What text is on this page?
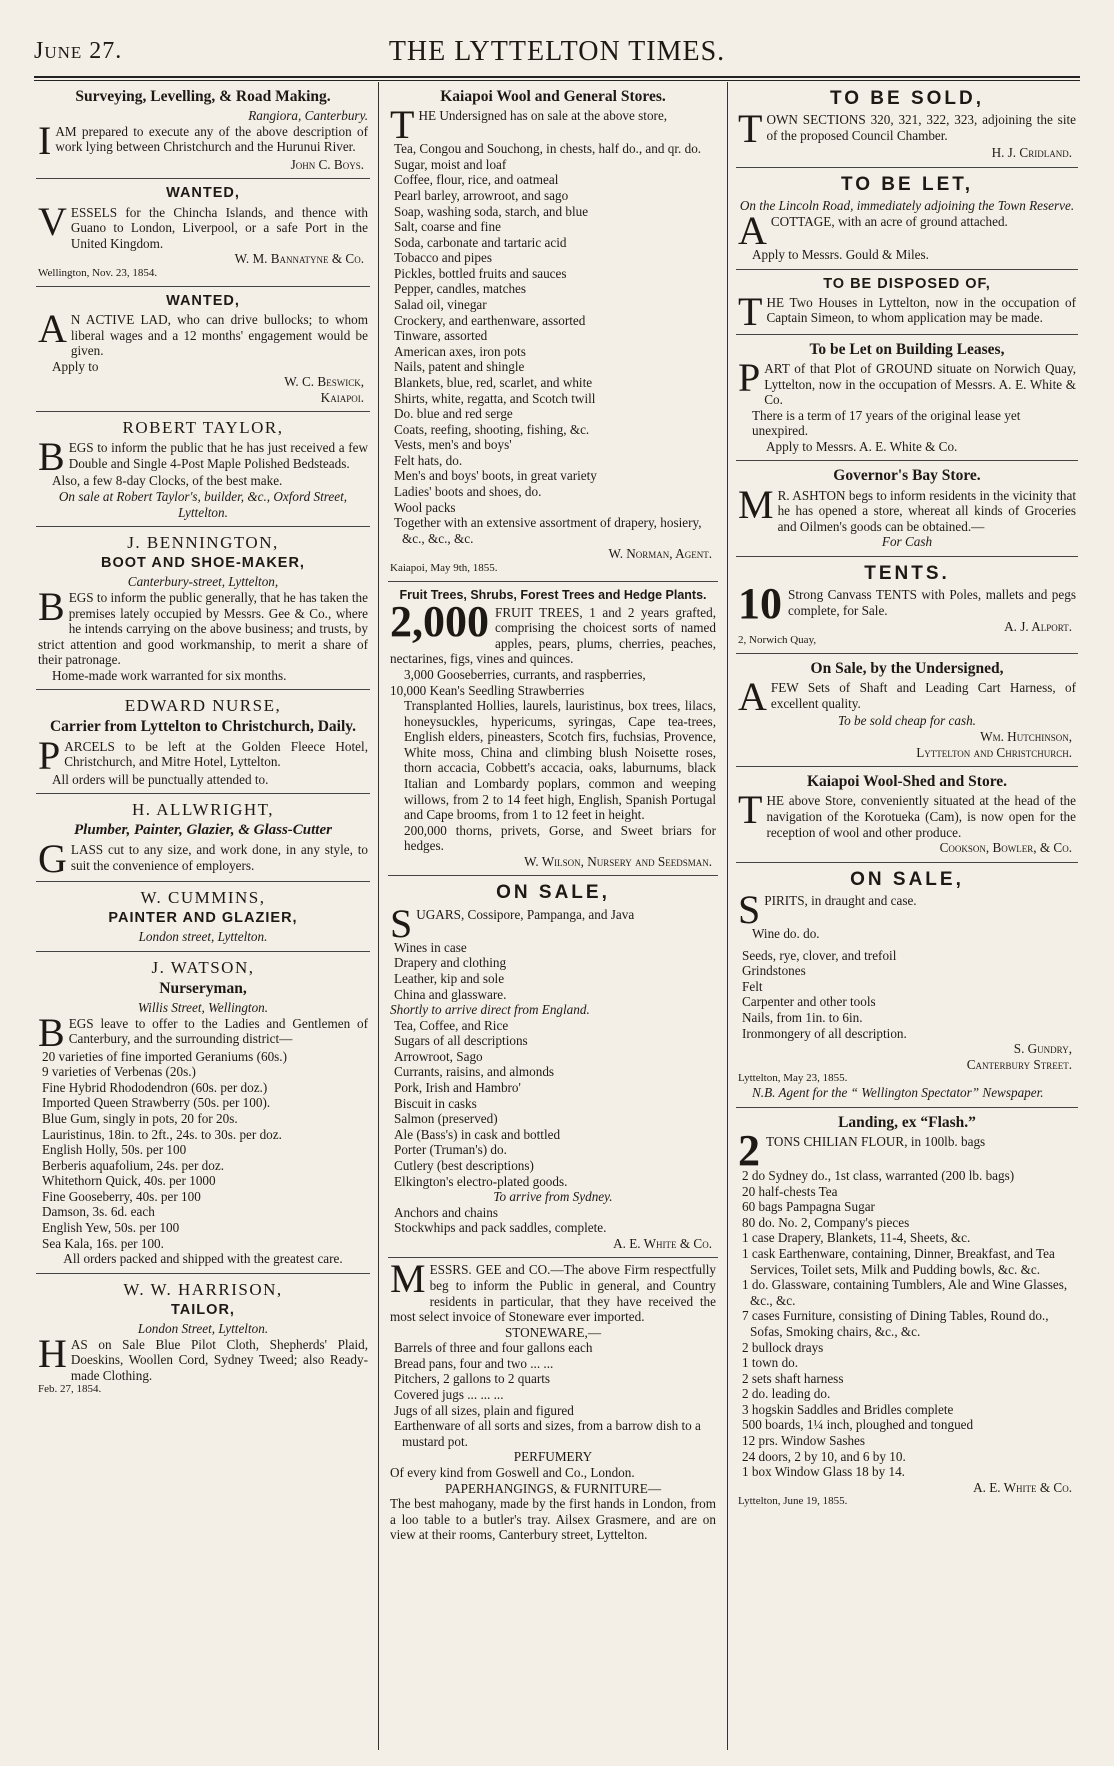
June 27.	THE LYTTELTON TIMES.
Surveying, Levelling, & Road Making.
Rangiora, Canterbury.
I AM prepared to execute any of the above description of work lying between Christchurch and the Hurunui River.
John C. Boys.
WANTED,
VESSELS for the Chincha Islands, and thence with Guano to London, Liverpool, or a safe Port in the United Kingdom.
W. M. Bannatyne & Co.
Wellington, Nov. 23, 1854.
WANTED,
A N ACTIVE LAD, who can drive bullocks; to whom liberal wages and a 12 months' engagement would be given.
Apply to
W. C. Beswick,
Kaiapoi.
ROBERT TAYLOR,
BEGS to inform the public that he has just received a few Double and Single 4-Post Maple Polished Bedsteads.
Also, a few 8-day Clocks, of the best make.
On sale at Robert Taylor's, builder, &c., Oxford Street, Lyttelton.
J. BENNINGTON,
BOOT AND SHOE-MAKER,
Canterbury-street, Lyttelton,
BEGS to inform the public generally, that he has taken the premises lately occupied by Messrs. Gee & Co., where he intends carrying on the above business; and trusts, by strict attention and good workmanship, to merit a share of their patronage.
Home-made work warranted for six months.
EDWARD NURSE,
Carrier from Lyttelton to Christchurch, Daily.
PARCELS to be left at the Golden Fleece Hotel, Christchurch, and Mitre Hotel, Lyttelton.
All orders will be punctually attended to.
H. ALLWRIGHT,
Plumber, Painter, Glazier, & Glass-Cutter
GLASS cut to any size, and work done, in any style, to suit the convenience of employers.
W. CUMMINS,
PAINTER AND GLAZIER,
London street, Lyttelton.
J. WATSON,
Nurseryman,
Willis Street, Wellington.
BEGS leave to offer to the Ladies and Gentlemen of Canterbury, and the surrounding district—
20 varieties of fine imported Geraniums (60s.)
9 varieties of Verbenas (20s.)
Fine Hybrid Rhododendron (60s. per doz.)
Imported Queen Strawberry (50s. per 100).
Blue Gum, singly in pots, 20 for 20s.
Lauristinus, 18in. to 2ft., 24s. to 30s. per doz.
English Holly, 50s. per 100
Berberis aquafolium, 24s. per doz.
Whitethorn Quick, 40s. per 1000
Fine Gooseberry, 40s. per 100
Damson, 3s. 6d. each
English Yew, 50s. per 100
Sea Kala, 16s. per 100.
All orders packed and shipped with the greatest care.
W. W. HARRISON,
TAILOR,
London Street, Lyttelton.
HAS on Sale Blue Pilot Cloth, Shepherds' Plaid, Doeskins, Woollen Cord, Sydney Tweed; also Ready-made Clothing.
Feb. 27, 1854.
Kaiapoi Wool and General Stores.
THE Undersigned has on sale at the above store,
Tea, Congou and Souchong, in chests, half do., and qr. do.
Sugar, moist and loaf
Coffee, flour, rice, and oatmeal
Pearl barley, arrowroot, and sago
Soap, washing soda, starch, and blue
Salt, coarse and fine
Soda, carbonate and tartaric acid
Tobacco and pipes
Pickles, bottled fruits and sauces
Pepper, candles, matches
Salad oil, vinegar
Crockery, and earthenware, assorted
Tinware, assorted
American axes, iron pots
Nails, patent and shingle
Blankets, blue, red, scarlet, and white
Shirts, white, regatta, and Scotch twill
Do. blue and red serge
Coats, reefing, shooting, fishing, &c.
Vests, men's and boys'
Felt hats, do.
Men's and boys' boots, in great variety
Ladies' boots and shoes, do.
Wool packs
Together with an extensive assortment of drapery, hosiery, &c., &c., &c.
W. Norman, Agent.
Kaiapoi, May 9th, 1855.
Fruit Trees, Shrubs, Forest Trees and Hedge Plants.
2,000 FRUIT TREES, 1 and 2 years grafted, comprising the choicest sorts of named apples, pears, plums, cherries, peaches, nectarines, figs, vines and quinces.
3,000 Gooseberries, currants, and raspberries,
10,000 Kean's Seedling Strawberries
Transplanted Hollies, laurels, lauristinus, box trees, lilacs, honeysuckles, hypericums, syringas, Cape tea-trees, English elders, pineasters, Scotch firs, fuchsias, Provence, White moss, China and climbing blush Noisette roses, thorn accacia, Cobbett's accacia, oaks, laburnums, black Italian and Lombardy poplars, common and weeping willows, from 2 to 14 feet high, English, Spanish Portugal and Cape brooms, from 1 to 12 feet in height.
200,000 thorns, privets, Gorse, and Sweet briars for hedges.
W. Wilson, Nursery and Seedsman.
ON SALE,
SUGARS, Cossipore, Pampanga, and Java
Wines in case
Drapery and clothing
Leather, kip and sole
China and glassware.
Shortly to arrive direct from England.
Tea, Coffee, and Rice
Sugars of all descriptions
Arrowroot, Sago
Currants, raisins, and almonds
Pork, Irish and Hambro'
Biscuit in casks
Salmon (preserved)
Ale (Bass's) in cask and bottled
Porter (Truman's) do.
Cutlery (best descriptions)
Elkington's electro-plated goods.
To arrive from Sydney.
Anchors and chains
Stockwhips and pack saddles, complete.
A. E. White & Co.
MESSRS. GEE and CO.—The above Firm respectfully beg to inform the Public in general, and Country residents in particular, that they have received the most select invoice of Stoneware ever imported.
STONEWARE,—
Barrels of three and four gallons each
Bread pans, four and two ... ...
Pitchers, 2 gallons to 2 quarts
Covered jugs ... ... ...
Jugs of all sizes, plain and figured
Earthenware of all sorts and sizes, from a barrow dish to a mustard pot.
PERFUMERY
Of every kind from Goswell and Co., London.
PAPERHANGINGS, & FURNITURE—
The best mahogany, made by the first hands in London, from a loo table to a butler's tray. Ailsex Grasmere, and are on view at their rooms, Canterbury street, Lyttelton.
TO BE SOLD,
TOWN SECTIONS 320, 321, 322, 323, adjoining the site of the proposed Council Chamber.
H. J. Cridland.
TO BE LET,
On the Lincoln Road, immediately adjoining the Town Reserve.
A COTTAGE, with an acre of ground attached.
Apply to Messrs. Gould & Miles.
TO BE DISPOSED OF,
THE Two Houses in Lyttelton, now in the occupation of Captain Simeon, to whom application may be made.
To be Let on Building Leases,
PART of that Plot of GROUND situate on Norwich Quay, Lyttelton, now in the occupation of Messrs. A. E. White & Co.
There is a term of 17 years of the original lease yet unexpired.
Apply to Messrs. A. E. White & Co.
Governor's Bay Store.
M R. ASHTON begs to inform residents in the vicinity that he has opened a store, whereat all kinds of Groceries and Oilmen's goods can be obtained.—
For Cash
TENTS.
10 Strong Canvass TENTS with Poles, mallets and pegs complete, for Sale.
A. J. Alport.
2, Norwich Quay,
On Sale, by the Undersigned,
A FEW Sets of Shaft and Leading Cart Harness, of excellent quality.
To be sold cheap for cash.
Wm. Hutchinson,
Lyttelton and Christchurch.
Kaiapoi Wool-Shed and Store.
THE above Store, conveniently situated at the head of the navigation of the Korotueka (Cam), is now open for the reception of wool and other produce.
Cookson, Bowler, & Co.
ON SALE,
SPIRITS, in draught and case.
Wine do. do.
Seeds, rye, clover, and trefoil
Grindstones
Felt
Carpenter and other tools
Nails, from 1in. to 6in.
Ironmongery of all description.
S. Gundry,
Canterbury Street.
Lyttelton, May 23, 1855.
N.B. Agent for the “ Wellington Spectator” Newspaper.
Landing, ex “Flash.”
2 TONS CHILIAN FLOUR, in 100lb. bags
2 do Sydney do., 1st class, warranted (200 lb. bags)
20 half-chests Tea
60 bags Pampagna Sugar
80 do. No. 2, Company's pieces
1 case Drapery, Blankets, 11-4, Sheets, &c.
1 cask Earthenware, containing, Dinner, Breakfast, and Tea Services, Toilet sets, Milk and Pudding bowls, &c. &c.
1 do. Glassware, containing Tumblers, Ale and Wine Glasses, &c., &c.
7 cases Furniture, consisting of Dining Tables, Round do., Sofas, Smoking chairs, &c., &c.
2 bullock drays
1 town do.
2 sets shaft harness
2 do. leading do.
3 hogskin Saddles and Bridles complete
500 boards, 1¼ inch, ploughed and tongued
12 prs. Window Sashes
24 doors, 2 by 10, and 6 by 10.
1 box Window Glass 18 by 14.
A. E. White & Co.
Lyttelton, June 19, 1855.
